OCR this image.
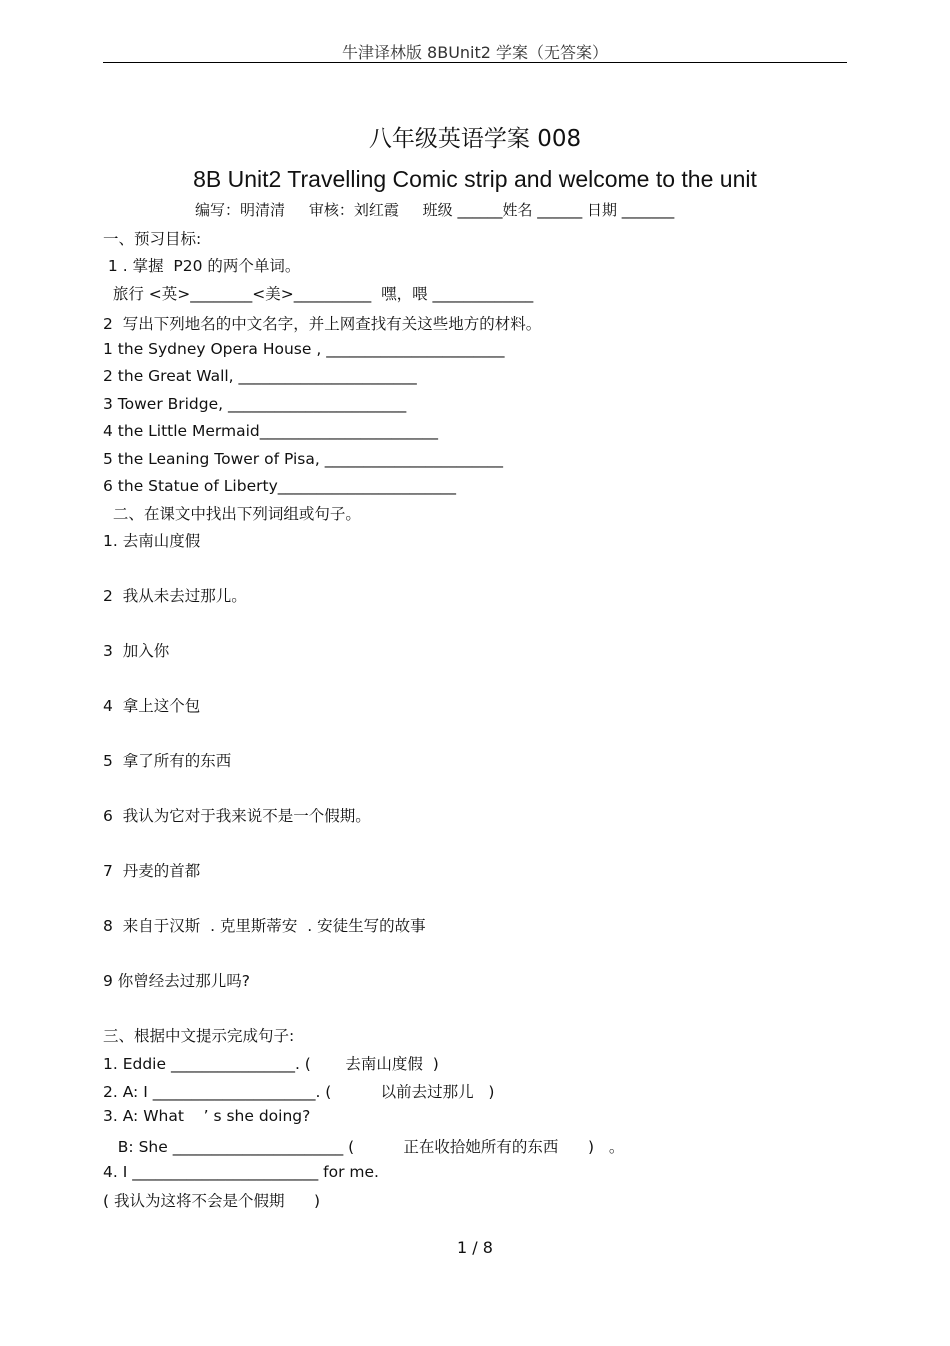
牛津译林版 8BUnit2 学案（无答案）
八年级英语学案 008
8B Unit2 Travelling Comic strip and welcome to the unit
编写：明清清     审核：刘红霞     班级 ______姓名 ______ 日期 _______
一、预习目标:
1 . 掌握  P20 的两个单词。
旅行 <英>________<美>__________  嘿，喂 _____________
2  写出下列地名的中文名字，并上网查找有关这些地方的材料。
1 the Sydney Opera House , _______________________
2 the Great Wall, _______________________
3 Tower Bridge, _______________________
4 the Little Mermaid_______________________
5 the Leaning Tower of Pisa, _______________________
6 the Statue of Liberty_______________________
二、在课文中找出下列词组或句子。
1. 去南山度假
2  我从未去过那儿。
3  加入你
4  拿上这个包
5  拿了所有的东西
6  我认为它对于我来说不是一个假期。
7  丹麦的首都
8  来自于汉斯  . 克里斯蒂安  . 安徒生写的故事
9 你曾经去过那儿吗?
三、根据中文提示完成句子:
1. Eddie ________________. (       去南山度假  )
2. A: I _____________________. (          以前去过那儿   )
3. A: What    ’ s she doing?
B: She ______________________ (          正在收拾她所有的东西      )   。
4. I ________________________ for me.
( 我认为这将不会是个假期      )
1 / 8
